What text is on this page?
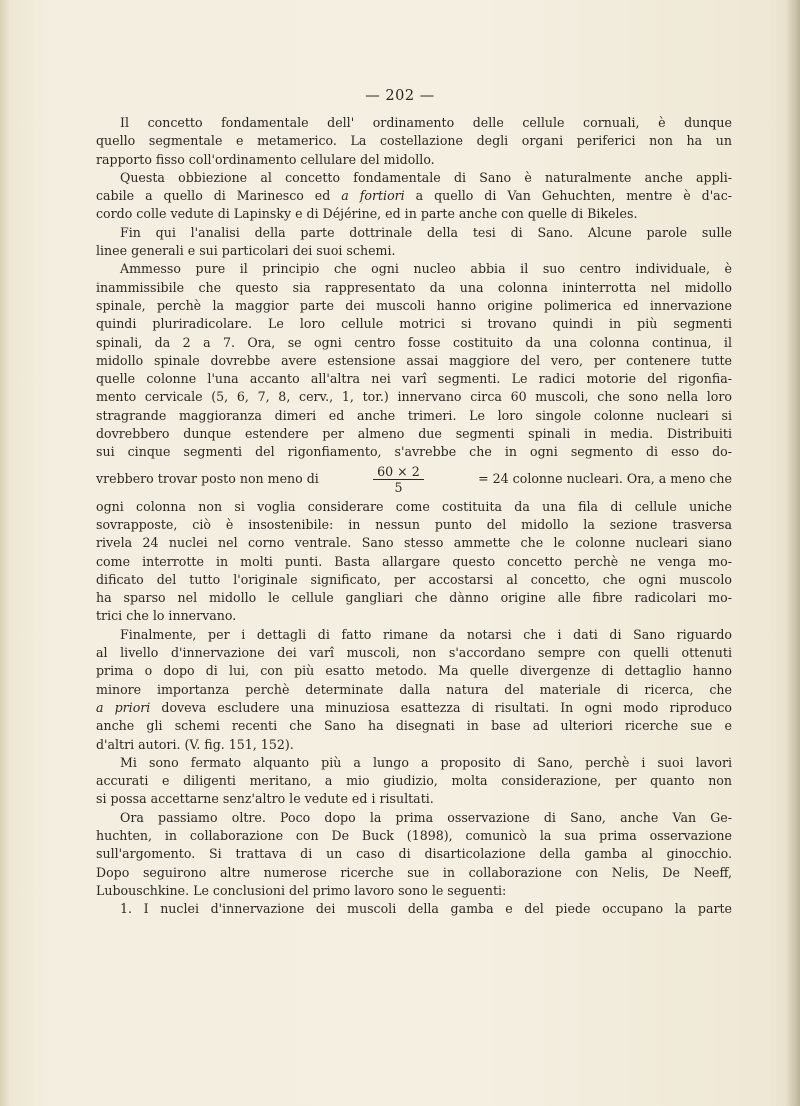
— 202 —

Il concetto fondamentale dell' ordinamento delle cellule cornuali, è dunque
quello segmentale e metamerico. La costellazione degli organi periferici non ha un
rapporto fisso coll'ordinamento cellulare del midollo.

Questa obbiezione al concetto fondamentale di Sano è naturalmente anche appli-
cabile a quello di Marinesco ed a fortiori a quello di Van Gehuchten, mentre è d'ac-
cordo colle vedute di Lapinsky e di Déjérine, ed in parte anche con quelle di Bikeles.

Fin qui l'analisi della parte dottrinale della tesi di Sano. Alcune parole sulle
linee generali e sui particolari dei suoi schemi.

Ammesso pure il principio che ogni nucleo abbia il suo centro individuale, è
inammissibile che questo sia rappresentato da una colonna ininterrotta nel midollo
spinale, perchè la maggior parte dei muscoli hanno origine polimerica ed innervazione
quindi pluriradicolare. Le loro cellule motrici si trovano quindi in più segmenti
spinali, da 2 a 7. Ora, se ogni centro fosse costituito da una colonna continua, il
midollo spinale dovrebbe avere estensione assai maggiore del vero, per contenere tutte
quelle colonne l'una accanto all'altra nei varî segmenti. Le radici motorie del rigonfia-
mento cervicale (5, 6, 7, 8, cerv., 1, tor.) innervano circa 60 muscoli, che sono nella loro
stragrande maggioranza dimeri ed anche trimeri. Le loro singole colonne nucleari si
dovrebbero dunque estendere per almeno due segmenti spinali in media. Distribuiti
sui cinque segmenti del rigonfiamento, s'avrebbe che in ogni segmento di esso do-

vrebbero trovar posto non meno di	$\frac{60 \times 2}{5}$	= 24 colonne nucleari. Ora, a meno che

ogni colonna non si voglia considerare come costituita da una fila di cellule uniche
sovrapposte, ciò è insostenibile: in nessun punto del midollo la sezione trasversa
rivela 24 nuclei nel corno ventrale. Sano stesso ammette che le colonne nucleari siano
come interrotte in molti punti. Basta allargare questo concetto perchè ne venga mo-
dificato del tutto l'originale significato, per accostarsi al concetto, che ogni muscolo
ha sparso nel midollo le cellule gangliari che dànno origine alle fibre radicolari mo-
trici che lo innervano.

Finalmente, per i dettagli di fatto rimane da notarsi che i dati di Sano riguardo
al livello d'innervazione dei varî muscoli, non s'accordano sempre con quelli ottenuti
prima o dopo di lui, con più esatto metodo. Ma quelle divergenze di dettaglio hanno
minore importanza perchè determinate dalla natura del materiale di ricerca, che
a priori doveva escludere una minuziosa esattezza di risultati. In ogni modo riproduco
anche gli schemi recenti che Sano ha disegnati in base ad ulteriori ricerche sue e
d'altri autori. (V. fig. 151, 152).

Mi sono fermato alquanto più a lungo a proposito di Sano, perchè i suoi lavori
accurati e diligenti meritano, a mio giudizio, molta considerazione, per quanto non
si possa accettarne senz'altro le vedute ed i risultati.

Ora passiamo oltre. Poco dopo la prima osservazione di Sano, anche Van Ge-
huchten, in collaborazione con De Buck (1898), comunicò la sua prima osservazione
sull'argomento. Si trattava di un caso di disarticolazione della gamba al ginocchio.
Dopo seguirono altre numerose ricerche sue in collaborazione con Nelis, De Neeff,
Lubouschkine. Le conclusioni del primo lavoro sono le seguenti:

1. I nuclei d'innervazione dei muscoli della gamba e del piede occupano la parte
